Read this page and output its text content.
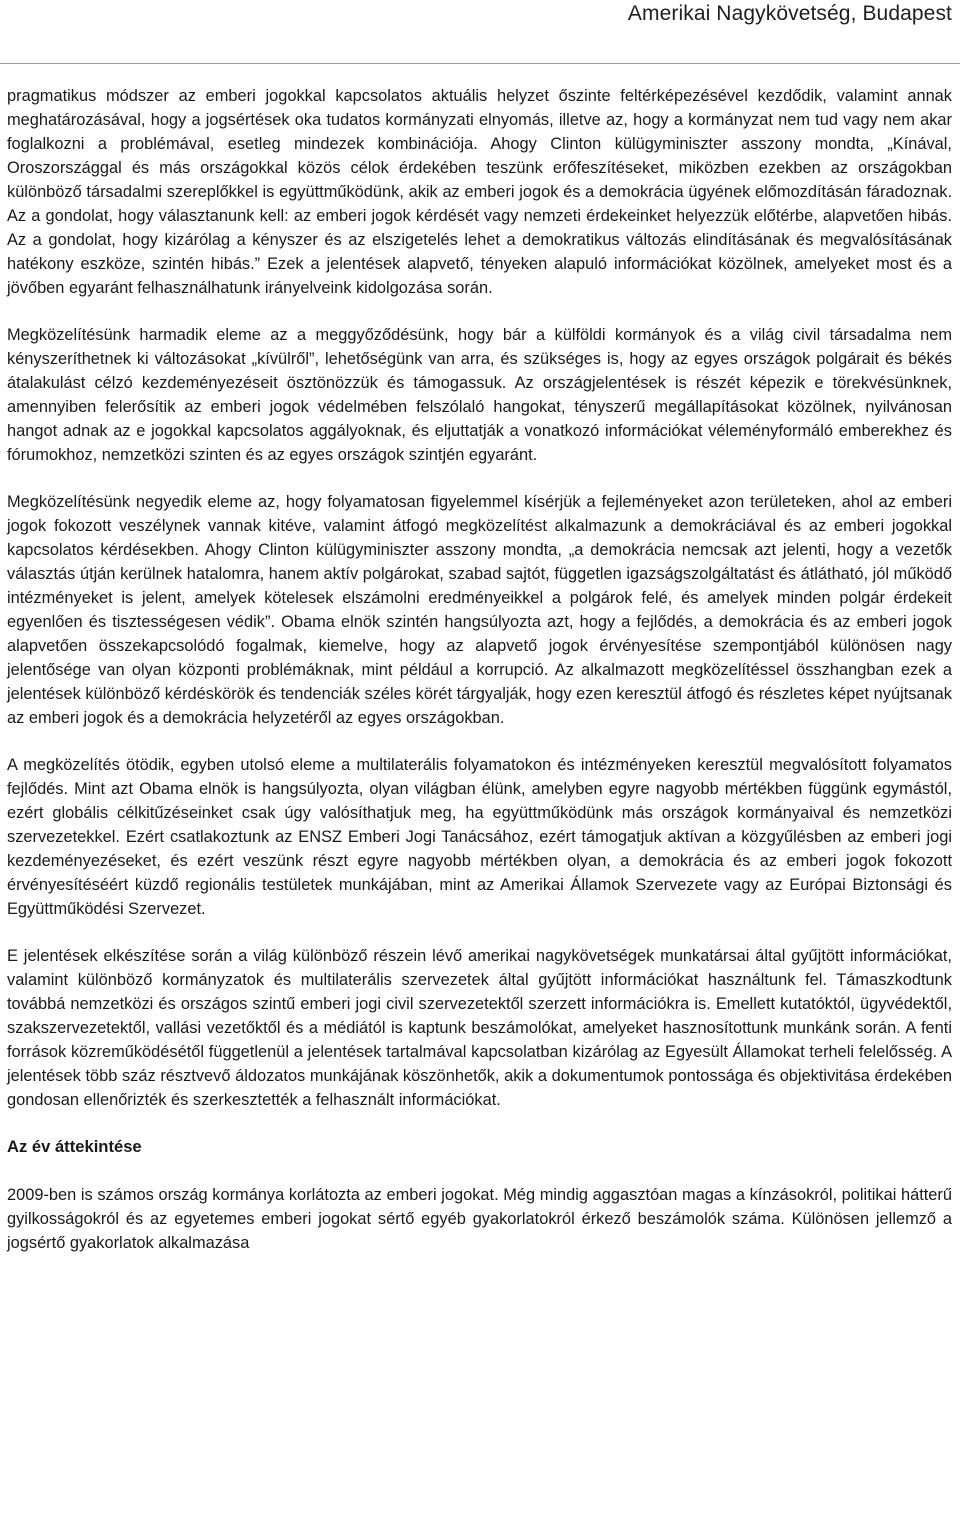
Amerikai Nagykövetség, Budapest

pragmatikus módszer az emberi jogokkal kapcsolatos aktuális helyzet őszinte feltérképezésével kezdődik, valamint annak meghatározásával, hogy a jogsértések oka tudatos kormányzati elnyomás, illetve az, hogy a kormányzat nem tud vagy nem akar foglalkozni a problémával, esetleg mindezek kombinációja. Ahogy Clinton külügyminiszter asszony mondta, „Kínával, Oroszországgal és más országokkal közös célok érdekében teszünk erőfeszítéseket, miközben ezekben az országokban különböző társadalmi szereplőkkel is együttműködünk, akik az emberi jogok és a demokrácia ügyének előmozdításán fáradoznak. Az a gondolat, hogy választanunk kell: az emberi jogok kérdését vagy nemzeti érdekeinket helyezzük előtérbe, alapvetően hibás. Az a gondolat, hogy kizárólag a kényszer és az elszigetelés lehet a demokratikus változás elindításának és megvalósításának hatékony eszköze, szintén hibás.” Ezek a jelentések alapvető, tényeken alapuló információkat közölnek, amelyeket most és a jövőben egyaránt felhasználhatunk irányelveink kidolgozása során.

Megközelítésünk harmadik eleme az a meggyőződésünk, hogy bár a külföldi kormányok és a világ civil társadalma nem kényszeríthetnek ki változásokat „kívülről”, lehetőségünk van arra, és szükséges is, hogy az egyes országok polgárait és békés átalakulást célzó kezdeményezéseit ösztönözzük és támogassuk. Az országjelentések is részét képezik e törekvésünknek, amennyiben felerősítik az emberi jogok védelmében felszólaló hangokat, tényszerű megállapításokat közölnek, nyilvánosan hangot adnak az e jogokkal kapcsolatos aggályoknak, és eljuttatják a vonatkozó információkat véleményformáló emberekhez és fórumokhoz, nemzetközi szinten és az egyes országok szintjén egyaránt.

Megközelítésünk negyedik eleme az, hogy folyamatosan figyelemmel kísérjük a fejleményeket azon területeken, ahol az emberi jogok fokozott veszélynek vannak kitéve, valamint átfogó megközelítést alkalmazunk a demokráciával és az emberi jogokkal kapcsolatos kérdésekben. Ahogy Clinton külügyminiszter asszony mondta, „a demokrácia nemcsak azt jelenti, hogy a vezetők választás útján kerülnek hatalomra, hanem aktív polgárokat, szabad sajtót, független igazságszolgáltatást és átlátható, jól működő intézményeket is jelent, amelyek kötelesek elszámolni eredményeikkel a polgárok felé, és amelyek minden polgár érdekeit egyenlően és tisztességesen védik”. Obama elnök szintén hangsúlyozta azt, hogy a fejlődés, a demokrácia és az emberi jogok alapvetően összekapcsolódó fogalmak, kiemelve, hogy az alapvető jogok érvényesítése szempontjából különösen nagy jelentősége van olyan központi problémáknak, mint például a korrupció. Az alkalmazott megközelítéssel összhangban ezek a jelentések különböző kérdéskörök és tendenciák széles körét tárgyalják, hogy ezen keresztül átfogó és részletes képet nyújtsanak az emberi jogok és a demokrácia helyzetéről az egyes országokban.

A megközelítés ötödik, egyben utolsó eleme a multilaterális folyamatokon és intézményeken keresztül megvalósított folyamatos fejlődés. Mint azt Obama elnök is hangsúlyozta, olyan világban élünk, amelyben egyre nagyobb mértékben függünk egymástól, ezért globális célkitűzéseinket csak úgy valósíthatjuk meg, ha együttműködünk más országok kormányaival és nemzetközi szervezetekkel. Ezért csatlakoztunk az ENSZ Emberi Jogi Tanácsához, ezért támogatjuk aktívan a közgyűlésben az emberi jogi kezdeményezéseket, és ezért veszünk részt egyre nagyobb mértékben olyan, a demokrácia és az emberi jogok fokozott érvényesítéséért küzdő regionális testületek munkájában, mint az Amerikai Államok Szervezete vagy az Európai Biztonsági és Együttműködési Szervezet.

E jelentések elkészítése során a világ különböző részein lévő amerikai nagykövetségek munkatársai által gyűjtött információkat, valamint különböző kormányzatok és multilaterális szervezetek által gyűjtött információkat használtunk fel. Támaszkodtunk továbbá nemzetközi és országos szintű emberi jogi civil szervezetektől szerzett információkra is. Emellett kutatóktól, ügyvédektől, szakszervezetektől, vallási vezetőktől és a médiától is kaptunk beszámolókat, amelyeket hasznosítottunk munkánk során. A fenti források közreműködésétől függetlenül a jelentések tartalmával kapcsolatban kizárólag az Egyesült Államokat terheli felelősség. A jelentések több száz résztvevő áldozatos munkájának köszönhetők, akik a dokumentumok pontossága és objektivitása érdekében gondosan ellenőrizték és szerkesztették a felhasznált információkat.

Az év áttekintése

2009-ben is számos ország kormánya korlátozta az emberi jogokat. Még mindig aggasztóan magas a kínzásokról, politikai hátterű gyilkosságokról és az egyetemes emberi jogokat sértő egyéb gyakorlatokról érkező beszámolók száma. Különösen jellemző a jogsértő gyakorlatok alkalmazása
